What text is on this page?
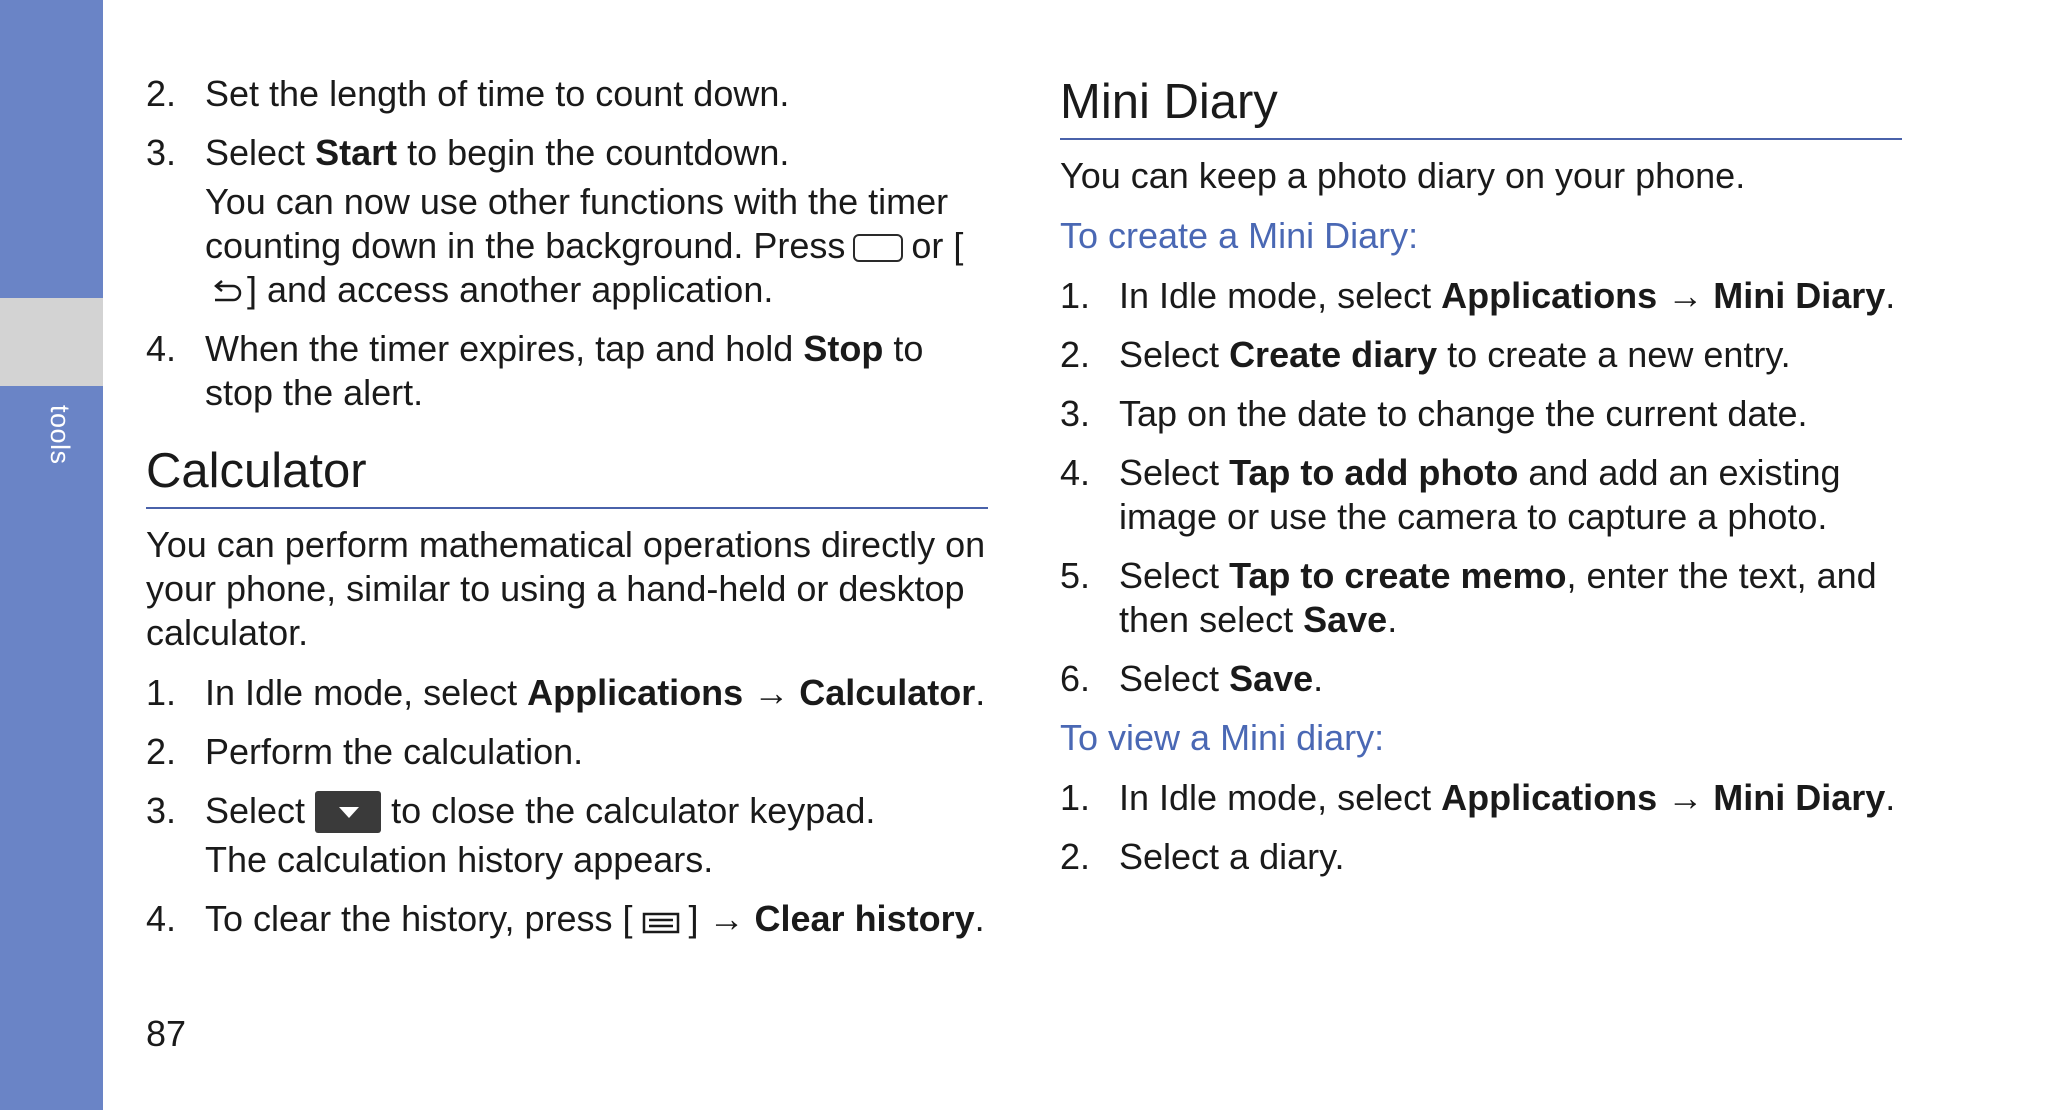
tools
2. Set the length of time to count down.
3. Select Start to begin the countdown.
You can now use other functions with the timer counting down in the background. Press or [] and access another application.
4. When the timer expires, tap and hold Stop to stop the alert.
Calculator

You can perform mathematical operations directly on your phone, similar to using a hand-held or desktop calculator.

1. In Idle mode, select Applications → Calculator.
2. Perform the calculation.
3. Select to close the calculator keypad.
The calculation history appears.
4. To clear the history, press [ ] → Clear history.
Mini Diary

You can keep a photo diary on your phone.

To create a Mini Diary:

1. In Idle mode, select Applications → Mini Diary.
2. Select Create diary to create a new entry.
3. Tap on the date to change the current date.
4. Select Tap to add photo and add an existing image or use the camera to capture a photo.
5. Select Tap to create memo, enter the text, and then select Save.
6. Select Save.

To view a Mini diary:

1. In Idle mode, select Applications → Mini Diary.
2. Select a diary.
87
